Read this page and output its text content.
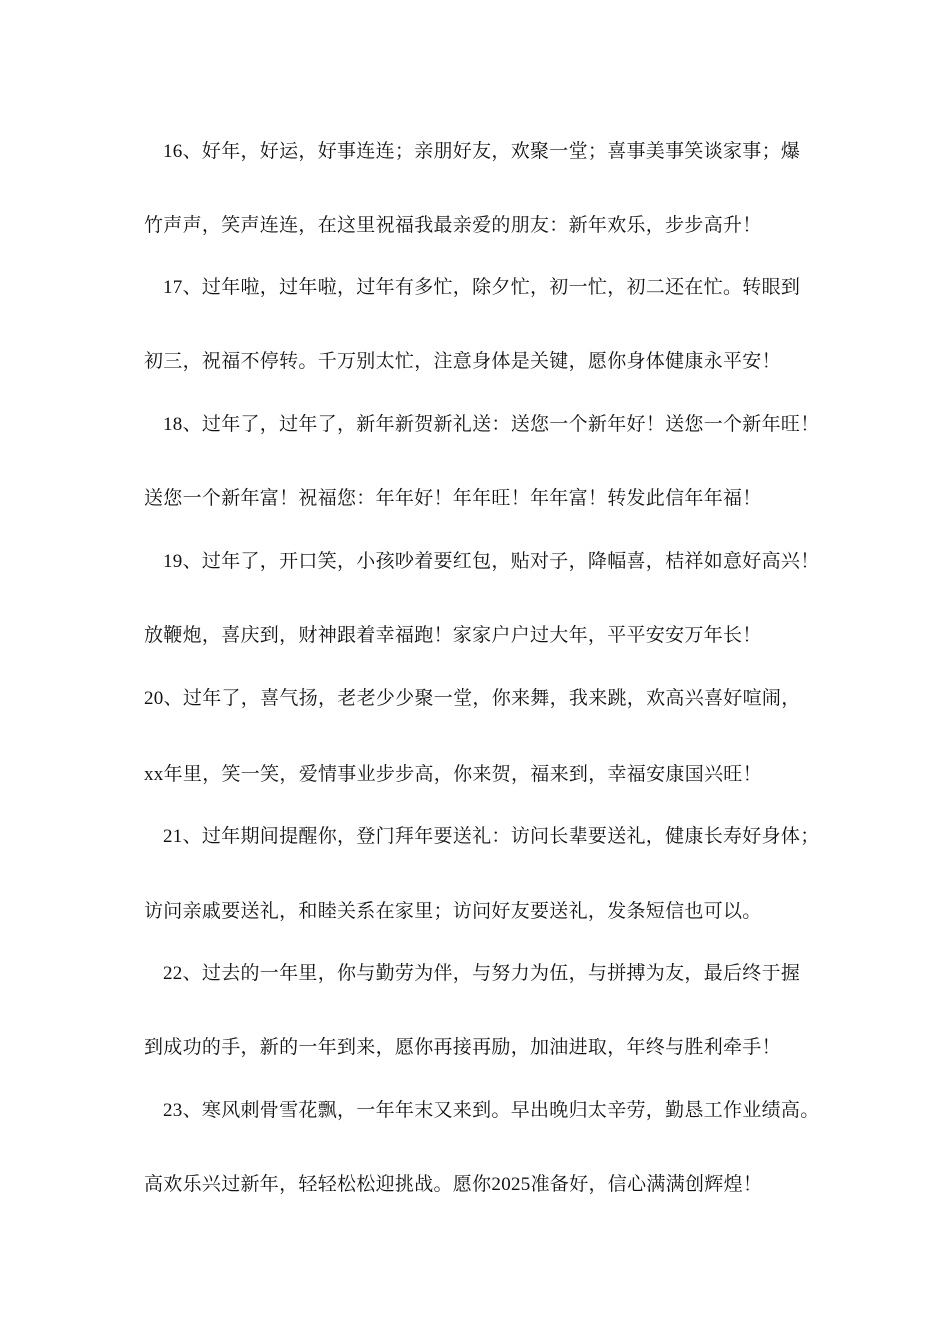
16、好年，好运，好事连连；亲朋好友，欢聚一堂；喜事美事笑谈家事；爆
竹声声，笑声连连，在这里祝福我最亲爱的朋友：新年欢乐，步步高升！
17、过年啦，过年啦，过年有多忙，除夕忙，初一忙，初二还在忙。转眼到
初三，祝福不停转。千万别太忙，注意身体是关键，愿你身体健康永平安！
18、过年了，过年了，新年新贺新礼送：送您一个新年好！送您一个新年旺！
送您一个新年富！祝福您：年年好！年年旺！年年富！转发此信年年福！
19、过年了，开口笑，小孩吵着要红包，贴对子，降幅喜，桔祥如意好高兴！
放鞭炮，喜庆到，财神跟着幸福跑！家家户户过大年，平平安安万年长！
20、过年了，喜气扬，老老少少聚一堂，你来舞，我来跳，欢高兴喜好喧闹，
xx年里，笑一笑，爱情事业步步高，你来贺，福来到，幸福安康国兴旺！
21、过年期间提醒你，登门拜年要送礼：访问长辈要送礼，健康长寿好身体；
访问亲戚要送礼，和睦关系在家里；访问好友要送礼，发条短信也可以。
22、过去的一年里，你与勤劳为伴，与努力为伍，与拼搏为友，最后终于握
到成功的手，新的一年到来，愿你再接再励，加油进取，年终与胜利牵手！
23、寒风刺骨雪花飘，一年年末又来到。早出晚归太辛劳，勤恳工作业绩高。
高欢乐兴过新年，轻轻松松迎挑战。愿你2025准备好，信心满满创辉煌！
